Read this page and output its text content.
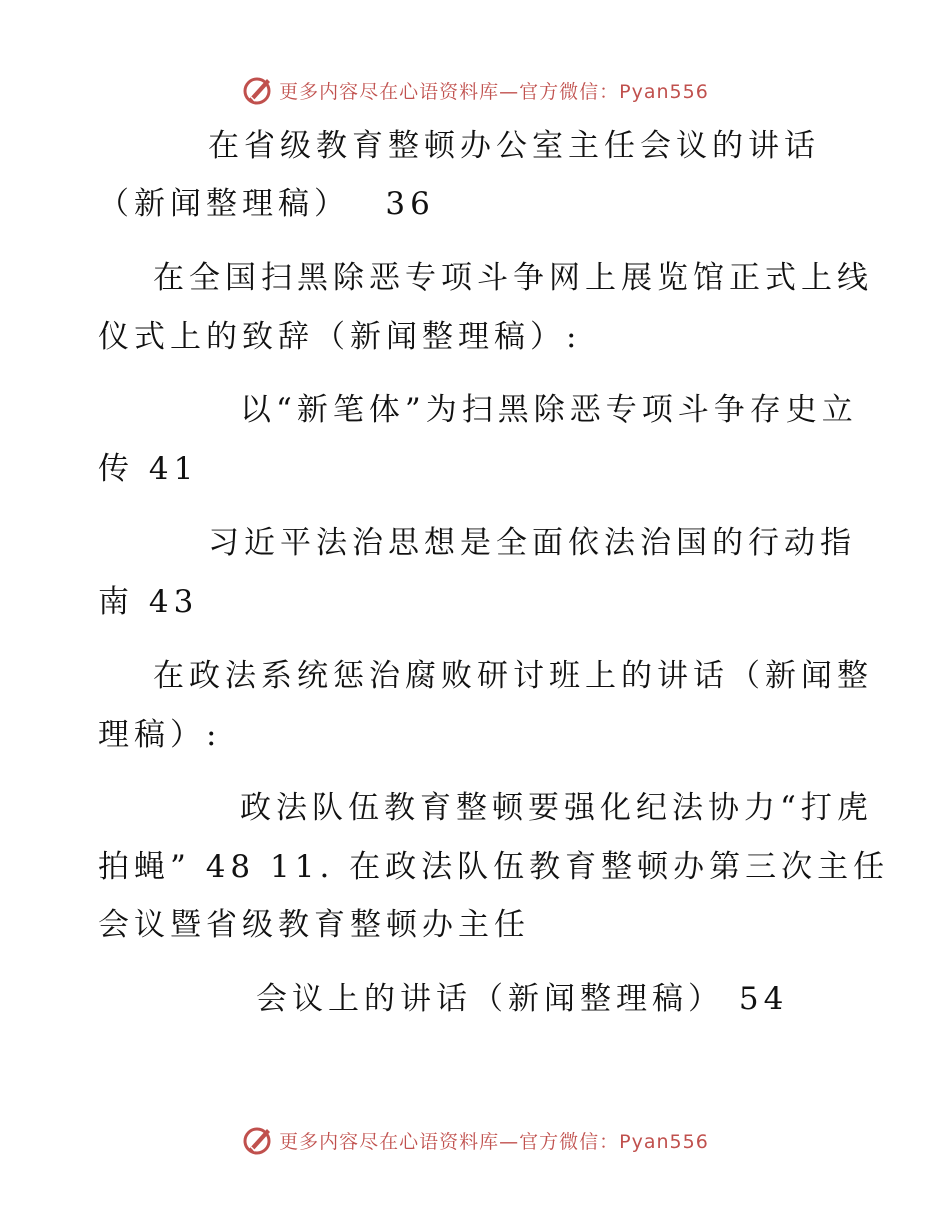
更多内容尽在心语资料库—官方微信：Pyan556
在省级教育整顿办公室主任会议的讲话
（新闻整理稿）　 36
在全国扫黑除恶专项斗争网上展览馆正式上线
仪式上的致辞（新闻整理稿）:
以“新笔体”为扫黑除恶专项斗争存史立
传 41
习近平法治思想是全面依法治国的行动指
南 43
在政法系统惩治腐败研讨班上的讲话（新闻整
理稿）:
政法队伍教育整顿要强化纪法协力“打虎
拍蝇” 48 11. 在政法队伍教育整顿办第三次主任
会议暨省级教育整顿办主任
会议上的讲话（新闻整理稿） 54
更多内容尽在心语资料库—官方微信：Pyan556
